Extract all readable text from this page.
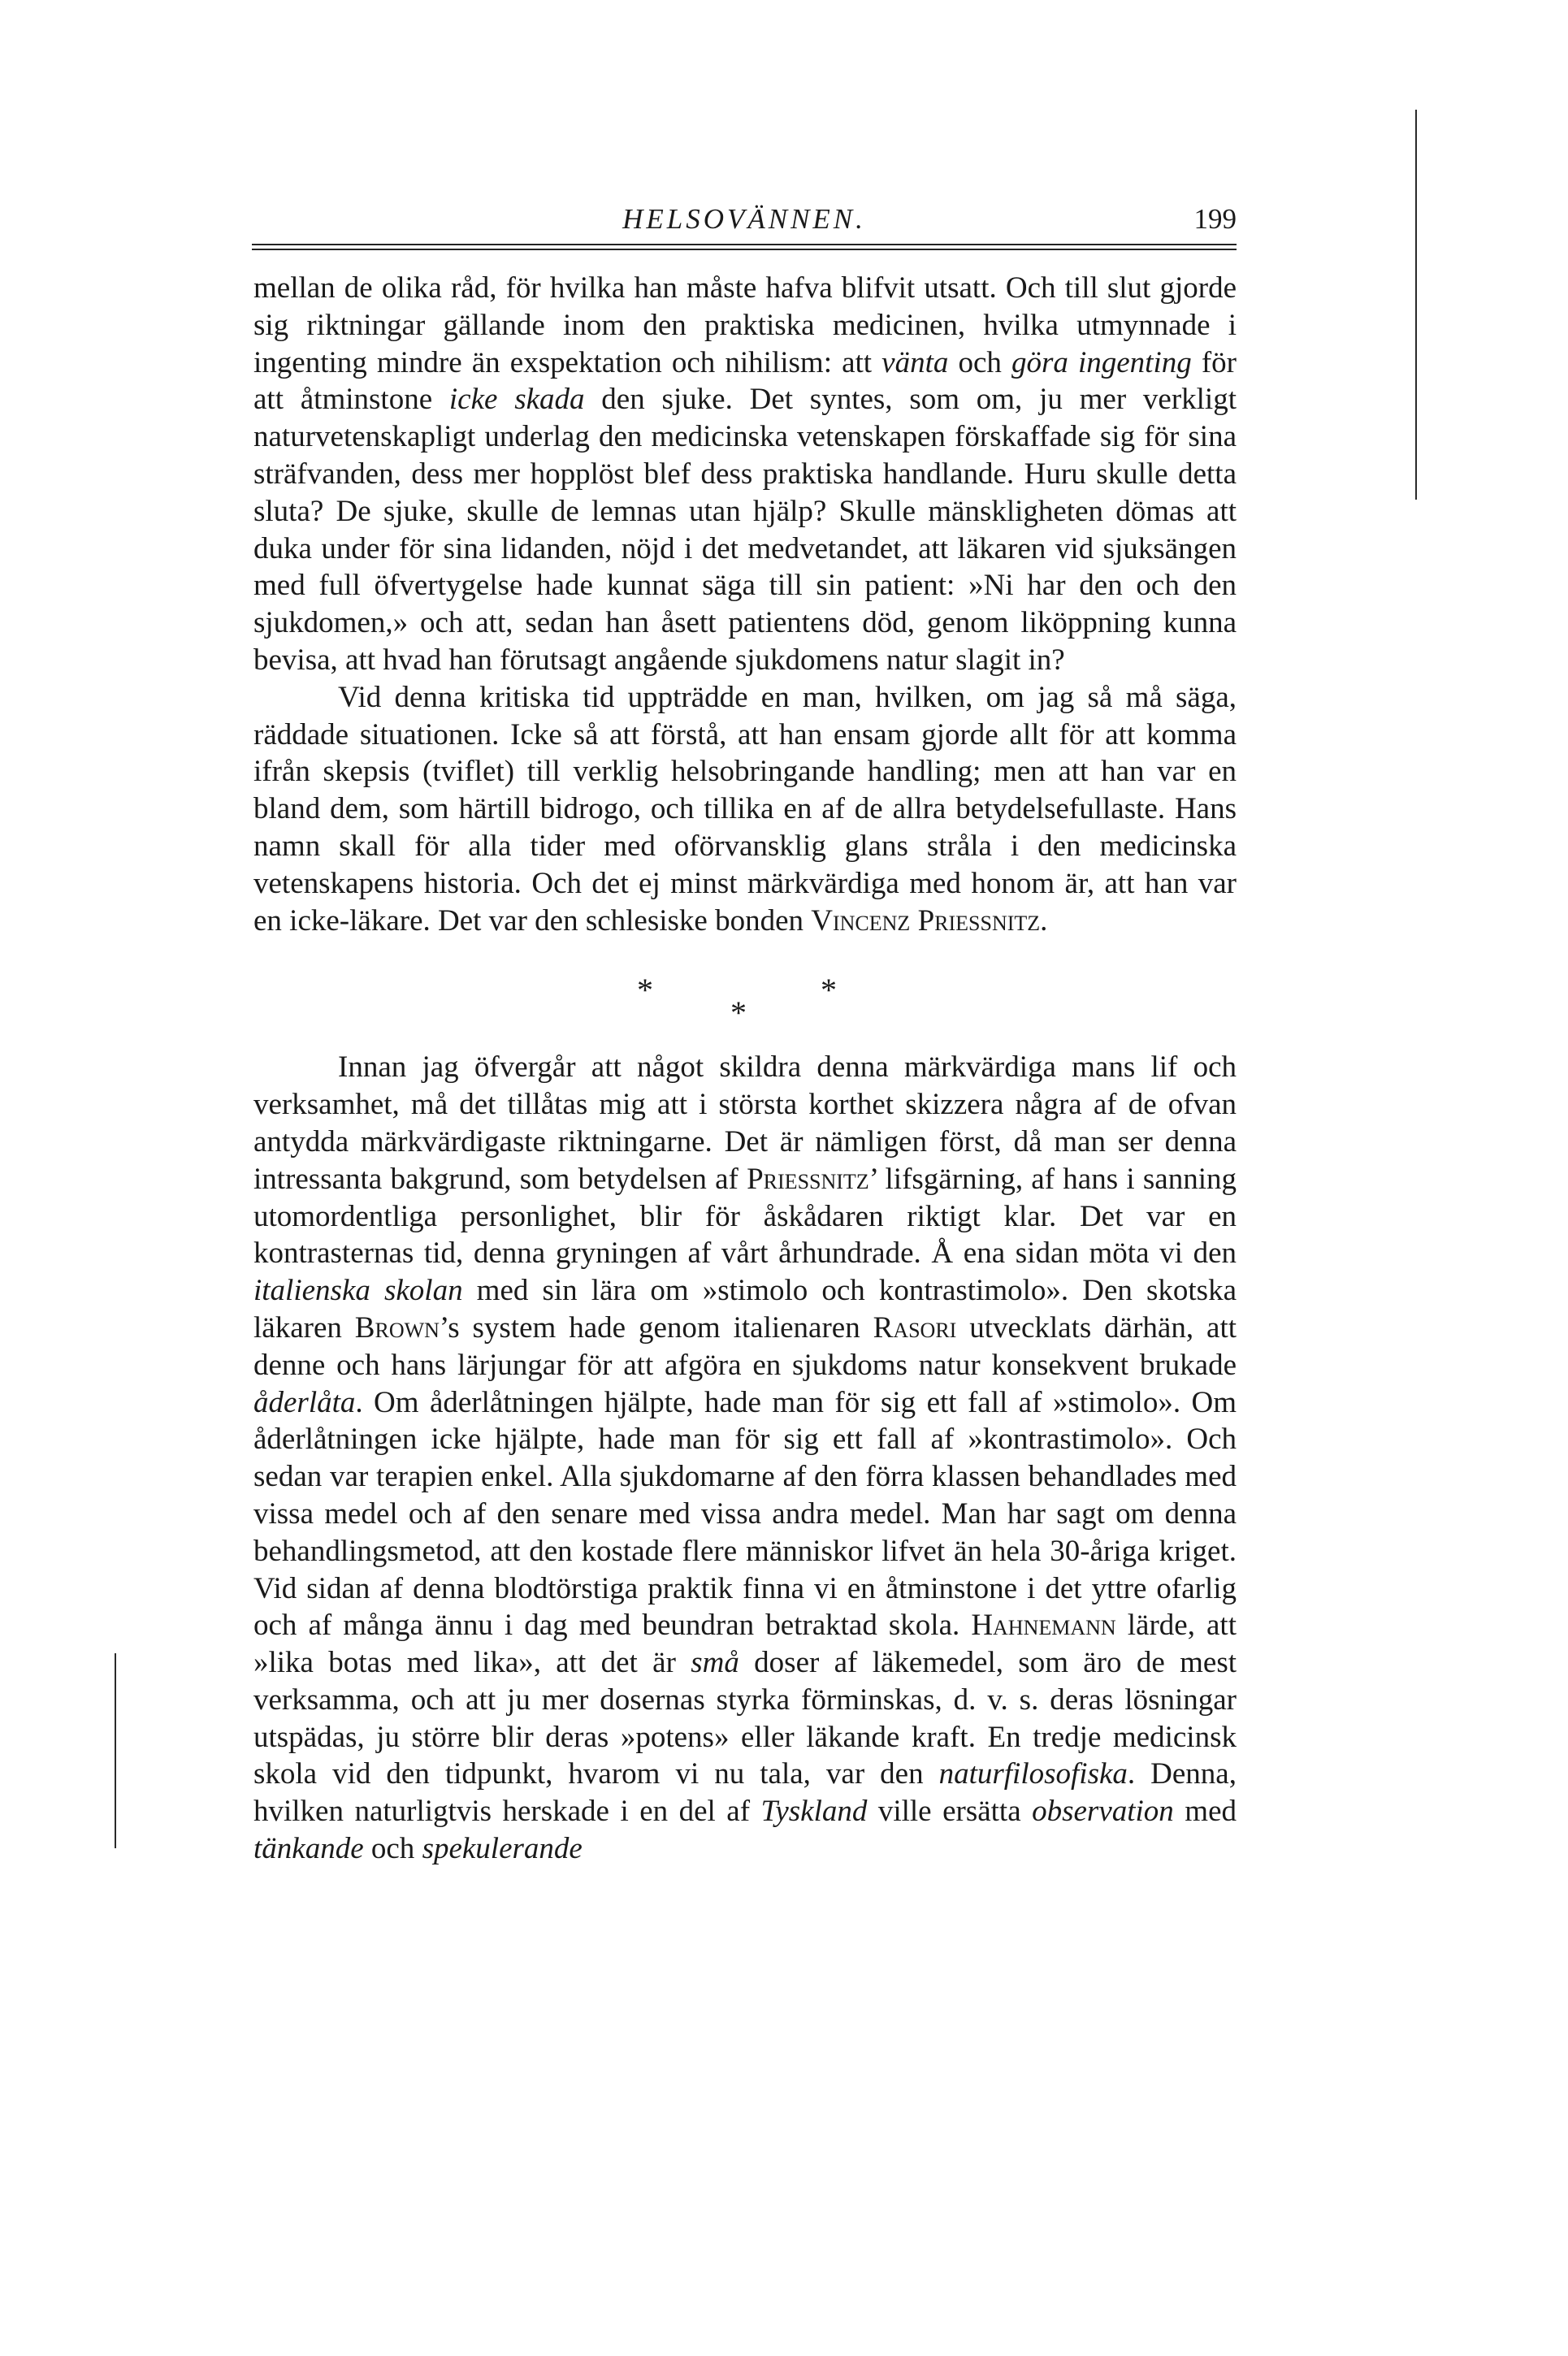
HELSOVÄNNEN.	199

mellan de olika råd, för hvilka han måste hafva blifvit utsatt. Och till slut gjorde sig riktningar gällande inom den praktiska medicinen, hvilka utmynnade i ingenting mindre än exspektation och nihilism: att vänta och göra ingenting för att åtminstone icke skada den sjuke. Det syntes, som om, ju mer verkligt naturvetenskapligt underlag den medicinska vetenskapen förskaffade sig för sina sträfvanden, dess mer hopplöst blef dess praktiska handlande. Huru skulle detta sluta? De sjuke, skulle de lemnas utan hjälp? Skulle mänskligheten dömas att duka under för sina lidanden, nöjd i det medvetandet, att läkaren vid sjuksängen med full öfvertygelse hade kunnat säga till sin patient: »Ni har den och den sjukdomen,» och att, sedan han åsett patientens död, genom liköppning kunna bevisa, att hvad han förutsagt angående sjukdomens natur slagit in?

Vid denna kritiska tid uppträdde en man, hvilken, om jag så må säga, räddade situationen. Icke så att förstå, att han ensam gjorde allt för att komma ifrån skepsis (tviflet) till verklig helsobringande handling; men att han var en bland dem, som härtill bidrogo, och tillika en af de allra betydelsefullaste. Hans namn skall för alla tider med oförvansklig glans stråla i den medicinska vetenskapens historia. Och det ej minst märkvärdiga med honom är, att han var en icke-läkare. Det var den schlesiske bonden Vincenz Priessnitz.

*	*
*

Innan jag öfvergår att något skildra denna märkvärdiga mans lif och verksamhet, må det tillåtas mig att i största korthet skizzera några af de ofvan antydda märkvärdigaste riktningarne. Det är nämligen först, då man ser denna intressanta bakgrund, som betydelsen af Priessnitz’ lifsgärning, af hans i sanning utomordentliga personlighet, blir för åskådaren riktigt klar. Det var en kontrasternas tid, denna gryningen af vårt århundrade. Å ena sidan möta vi den italienska skolan med sin lära om »stimolo och kontrastimolo». Den skotska läkaren Brown’s system hade genom italienaren Rasori utvecklats därhän, att denne och hans lärjungar för att afgöra en sjukdoms natur konsekvent brukade åderlåta. Om åderlåtningen hjälpte, hade man för sig ett fall af »stimolo». Om åderlåtningen icke hjälpte, hade man för sig ett fall af »kontrastimolo». Och sedan var terapien enkel. Alla sjukdomarne af den förra klassen behandlades med vissa medel och af den senare med vissa andra medel. Man har sagt om denna behandlingsmetod, att den kostade flere människor lifvet än hela 30-åriga kriget. Vid sidan af denna blodtörstiga praktik finna vi en åtminstone i det yttre ofarlig och af många ännu i dag med beundran betraktad skola. Hahnemann lärde, att »lika botas med lika», att det är små doser af läkemedel, som äro de mest verksamma, och att ju mer dosernas styrka förminskas, d. v. s. deras lösningar utspädas, ju större blir deras »potens» eller läkande kraft. En tredje medicinsk skola vid den tidpunkt, hvarom vi nu tala, var den naturfilosofiska. Denna, hvilken naturligtvis herskade i en del af Tyskland ville ersätta observation med tänkande och spekulerande
